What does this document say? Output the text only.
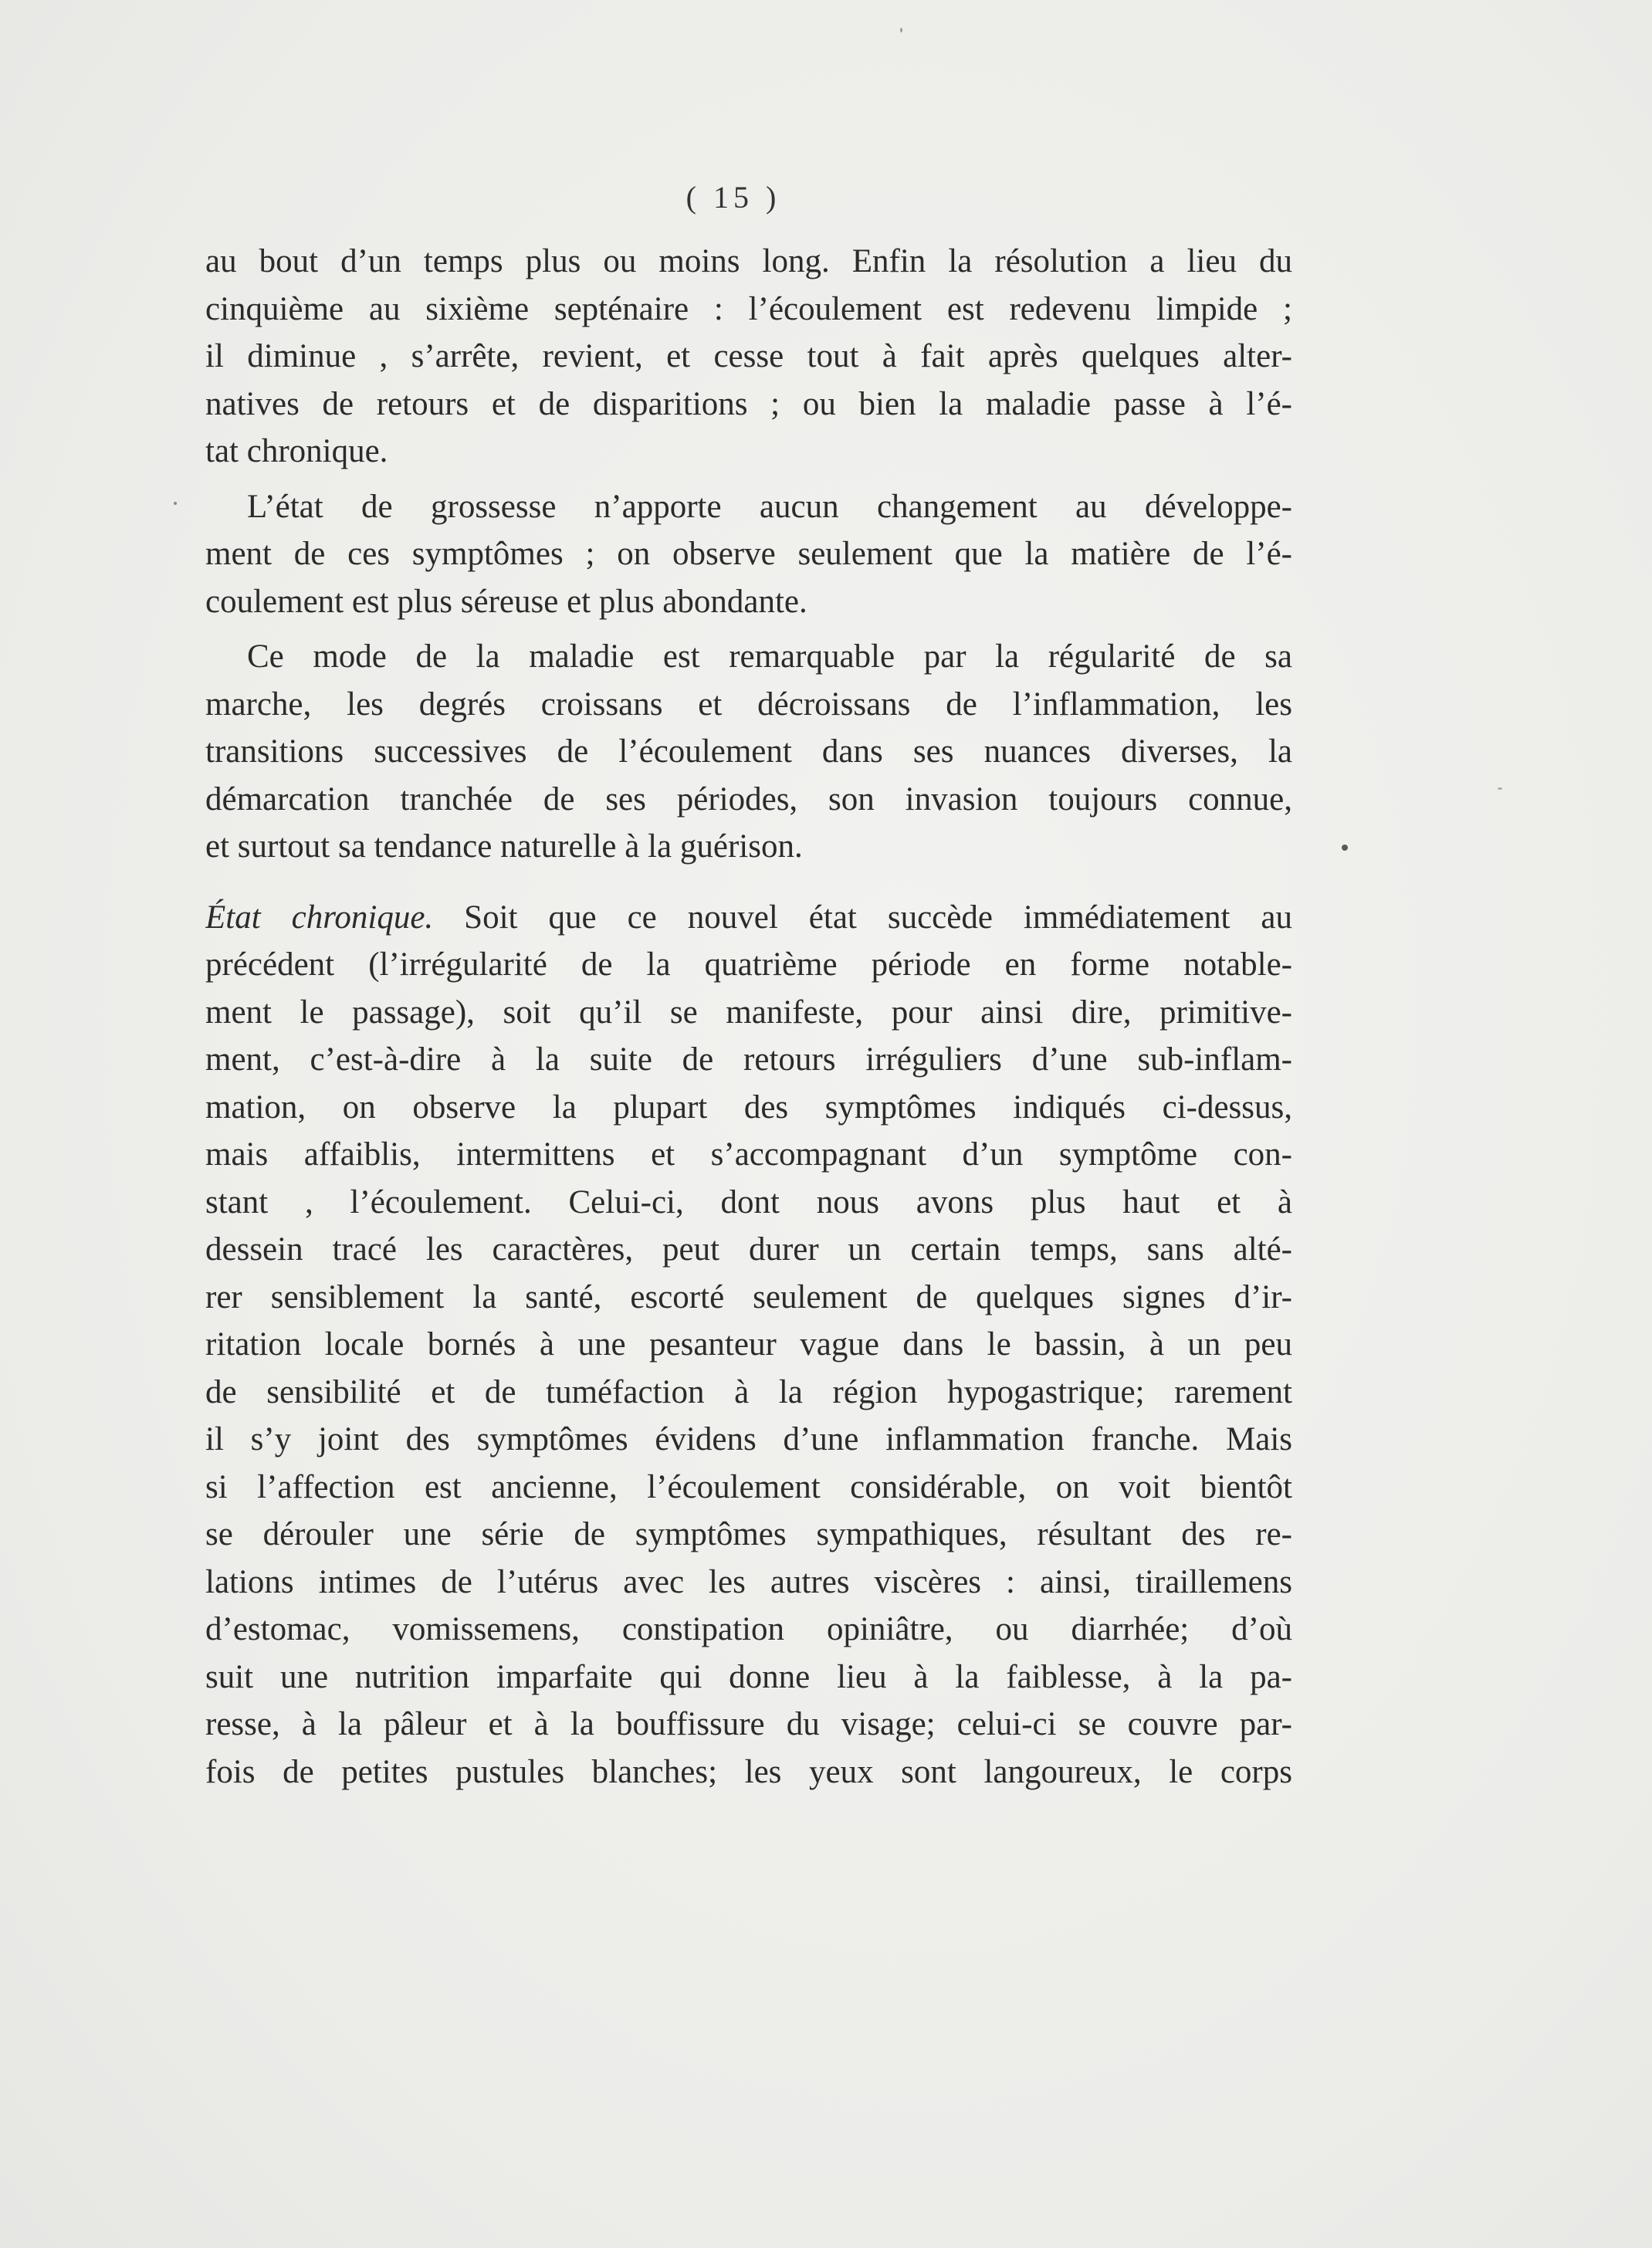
( 15 )
au bout d’un temps plus ou moins long. Enfin la résolution a lieu du
cinquième au sixième septénaire : l’écoulement est redevenu limpide ;
il diminue , s’arrête, revient, et cesse tout à fait après quelques alter-
natives de retours et de disparitions ; ou bien la maladie passe à l’é-
tat chronique.
L’état de grossesse n’apporte aucun changement au développe-
ment de ces symptômes ; on observe seulement que la matière de l’é-
coulement est plus séreuse et plus abondante.
Ce mode de la maladie est remarquable par la régularité de sa
marche, les degrés croissans et décroissans de l’inflammation, les
transitions successives de l’écoulement dans ses nuances diverses, la
démarcation tranchée de ses périodes, son invasion toujours connue,
et surtout sa tendance naturelle à la guérison.
État chronique. Soit que ce nouvel état succède immédiatement au
précédent (l’irrégularité de la quatrième période en forme notable-
ment le passage), soit qu’il se manifeste, pour ainsi dire, primitive-
ment, c’est-à-dire à la suite de retours irréguliers d’une sub-inflam-
mation, on observe la plupart des symptômes indiqués ci-dessus,
mais affaiblis, intermittens et s’accompagnant d’un symptôme con-
stant , l’écoulement. Celui-ci, dont nous avons plus haut et à
dessein tracé les caractères, peut durer un certain temps, sans alté-
rer sensiblement la santé, escorté seulement de quelques signes d’ir-
ritation locale bornés à une pesanteur vague dans le bassin, à un peu
de sensibilité et de tuméfaction à la région hypogastrique; rarement
il s’y joint des symptômes évidens d’une inflammation franche. Mais
si l’affection est ancienne, l’écoulement considérable, on voit bientôt
se dérouler une série de symptômes sympathiques, résultant des re-
lations intimes de l’utérus avec les autres viscères : ainsi, tiraillemens
d’estomac, vomissemens, constipation opiniâtre, ou diarrhée; d’où
suit une nutrition imparfaite qui donne lieu à la faiblesse, à la pa-
resse, à la pâleur et à la bouffissure du visage; celui-ci se couvre par-
fois de petites pustules blanches; les yeux sont langoureux, le corps
